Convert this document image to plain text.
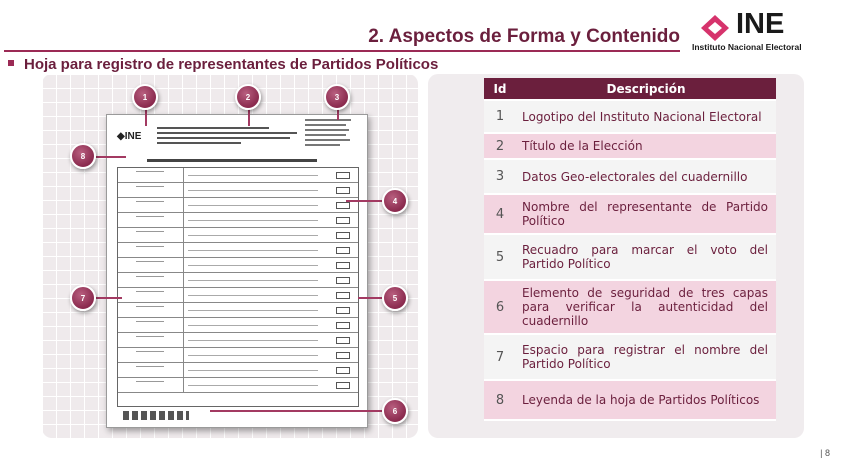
2. Aspectos de Forma y Contenido INE
Instituto Nacional Electoral
Hoja para registro de representantes de Partidos Políticos
◆INE
1	2	3
4
5
6
7
8
Id	Descripción
1	Logotipo del Instituto Nacional Electoral
2	Título de la Elección
3	Datos Geo-electorales del cuadernillo
4	Nombre del representante de Partido Político
5	Recuadro para marcar el voto del Partido Político
6	Elemento de seguridad de tres capas para verificar la autenticidad del cuadernillo
7	Espacio para registrar el nombre del Partido Político
8	Leyenda de la hoja de Partidos Políticos
| 8
